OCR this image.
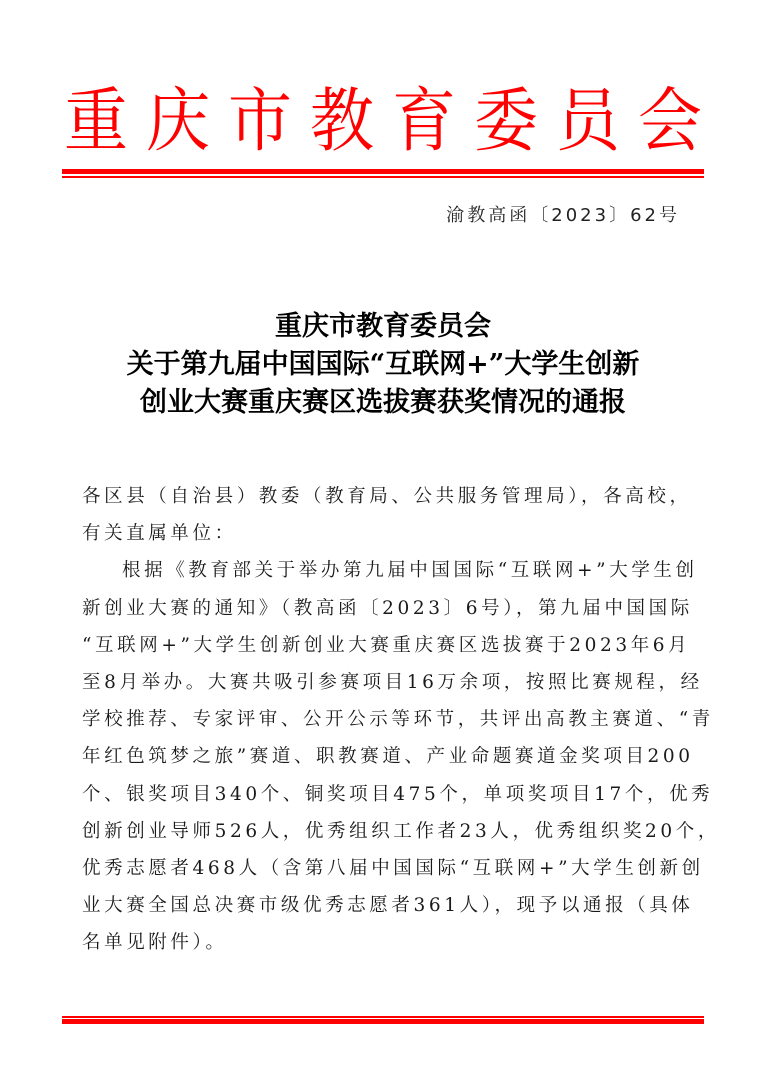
重 庆 市 教 育 委 员 会
渝教高函〔2023〕62号
重庆市教育委员会
关于第九届中国国际“互联网+”大学生创新
创业大赛重庆赛区选拔赛获奖情况的通报
各区县（自治县）教委（教育局、公共服务管理局），各高校，
有关直属单位：
根据《教育部关于举办第九届中国国际“互联网+”大学生创
新创业大赛的通知》（教高函〔2023〕6号），第九届中国国际
“互联网+”大学生创新创业大赛重庆赛区选拔赛于2023年6月
至8月举办。大赛共吸引参赛项目16万余项，按照比赛规程，经
学校推荐、专家评审、公开公示等环节，共评出高教主赛道、“青
年红色筑梦之旅”赛道、职教赛道、产业命题赛道金奖项目200
个、银奖项目340个、铜奖项目475个，单项奖项目17个，优秀
创新创业导师526人，优秀组织工作者23人，优秀组织奖20个，
优秀志愿者468人（含第八届中国国际“互联网+”大学生创新创
业大赛全国总决赛市级优秀志愿者361人），现予以通报（具体
名单见附件）。
